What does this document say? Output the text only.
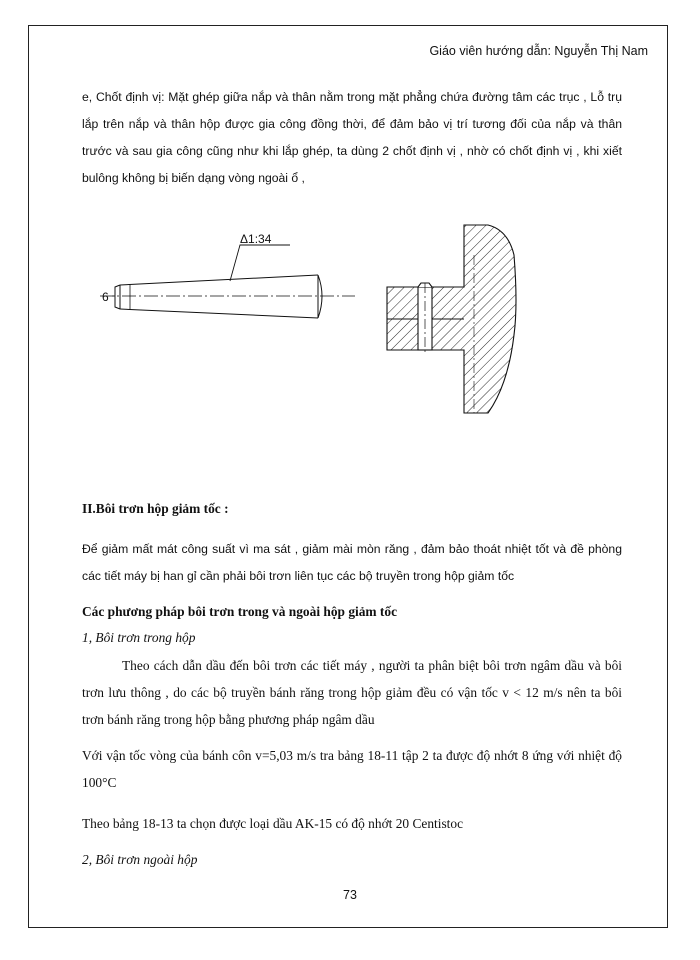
Giáo viên hướng dẫn: Nguyễn Thị Nam

e, Chốt định vị: Mặt ghép giữa nắp và thân nằm trong mặt phẳng chứa đường tâm các trục , Lỗ trụ lắp trên nắp và thân hộp được gia công đồng thời, để đảm bảo vị trí tương đối của nắp và thân trước và sau gia công cũng như khi lắp ghép, ta dùng 2 chốt định vị , nhờ có chốt định vị , khi xiết bulông không bị biến dạng vòng ngoài ổ ,

Δ1:34
6

II.Bôi trơn hộp giảm tốc :

Để giảm mất mát công suất vì ma sát , giảm mài mòn răng , đảm bảo thoát nhiệt tốt và đề phòng các tiết máy bị han gỉ cần phải bôi trơn liên tục các bộ truyền trong hộp giảm tốc

Các phương pháp bôi trơn trong và ngoài hộp giảm tốc

1, Bôi trơn trong hộp

Theo cách dẫn dầu đến bôi trơn các tiết máy , người ta phân biệt bôi trơn ngâm dầu và bôi trơn lưu thông , do các bộ truyền bánh răng trong hộp giảm đều có vận tốc v < 12 m/s nên ta bôi trơn bánh răng trong hộp bằng phương pháp ngâm dầu

Với vận tốc vòng của bánh côn v=5,03 m/s tra bảng 18-11 tập 2 ta được độ nhớt 8 ứng với nhiệt độ 100°C

Theo bảng 18-13 ta chọn được loại dầu AK-15 có độ nhớt 20 Centistoc

2, Bôi trơn ngoài hộp

73
